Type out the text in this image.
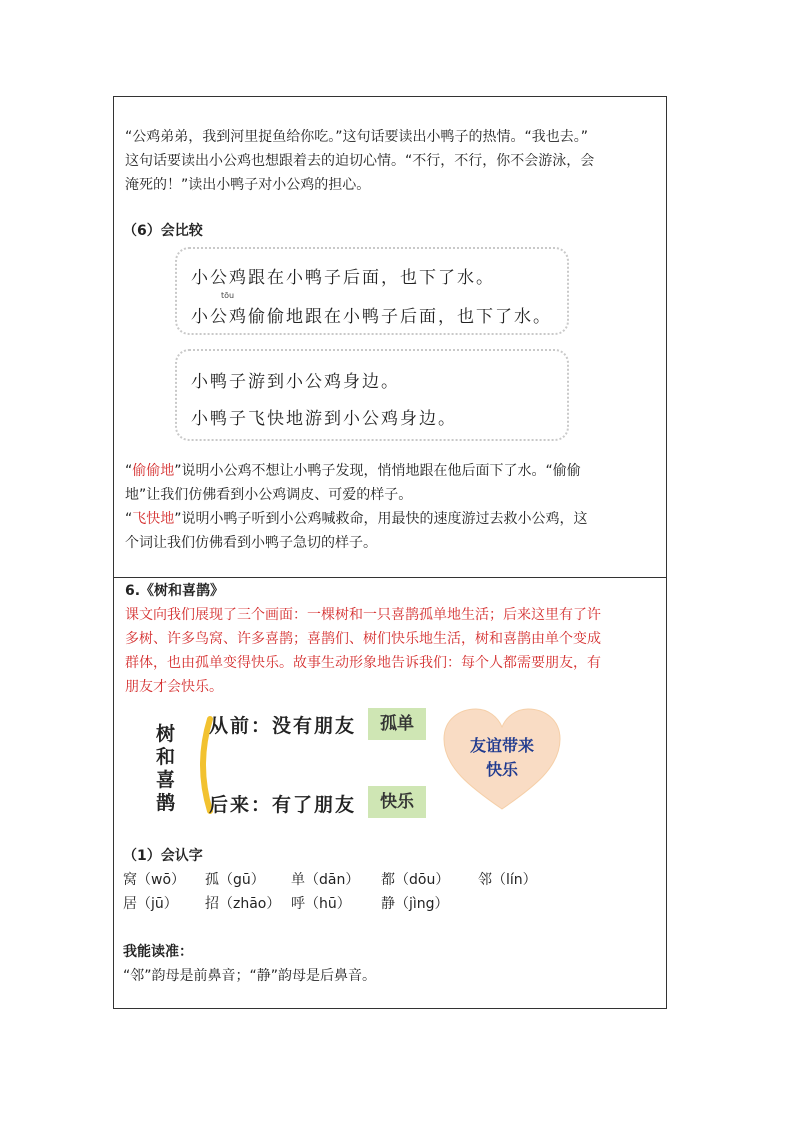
“公鸡弟弟，我到河里捉鱼给你吃。”这句话要读出小鸭子的热情。“我也去。”
这句话要读出小公鸡也想跟着去的迫切心情。“不行，不行，你不会游泳，会
淹死的！”读出小鸭子对小公鸡的担心。
（6）会比较
小公鸡跟在小鸭子后面，也下了水。
tōu
小公鸡偷偷地跟在小鸭子后面，也下了水。
小鸭子游到小公鸡身边。
小鸭子飞快地游到小公鸡身边。
“偷偷地”说明小公鸡不想让小鸭子发现，悄悄地跟在他后面下了水。“偷偷
地”让我们仿佛看到小公鸡调皮、可爱的样子。
“飞快地”说明小鸭子听到小公鸡喊救命，用最快的速度游过去救小公鸡，这
个词让我们仿佛看到小鸭子急切的样子。
6.《树和喜鹊》
课文向我们展现了三个画面：一棵树和一只喜鹊孤单地生活；后来这里有了许
多树、许多鸟窝、许多喜鹊；喜鹊们、树们快乐地生活，树和喜鹊由单个变成
群体，也由孤单变得快乐。故事生动形象地告诉我们：每个人都需要朋友，有
朋友才会快乐。
树
和
喜
鹊
从前：没有朋友	孤单
后来：有了朋友	快乐
友谊带来
快乐
（1）会认字
窝（wō） 孤（gū） 单（dān） 都（dōu） 邻（lín）
居（jū） 招（zhāo） 呼（hū） 静（jìng）
我能读准：
“邻”韵母是前鼻音；“静”韵母是后鼻音。
